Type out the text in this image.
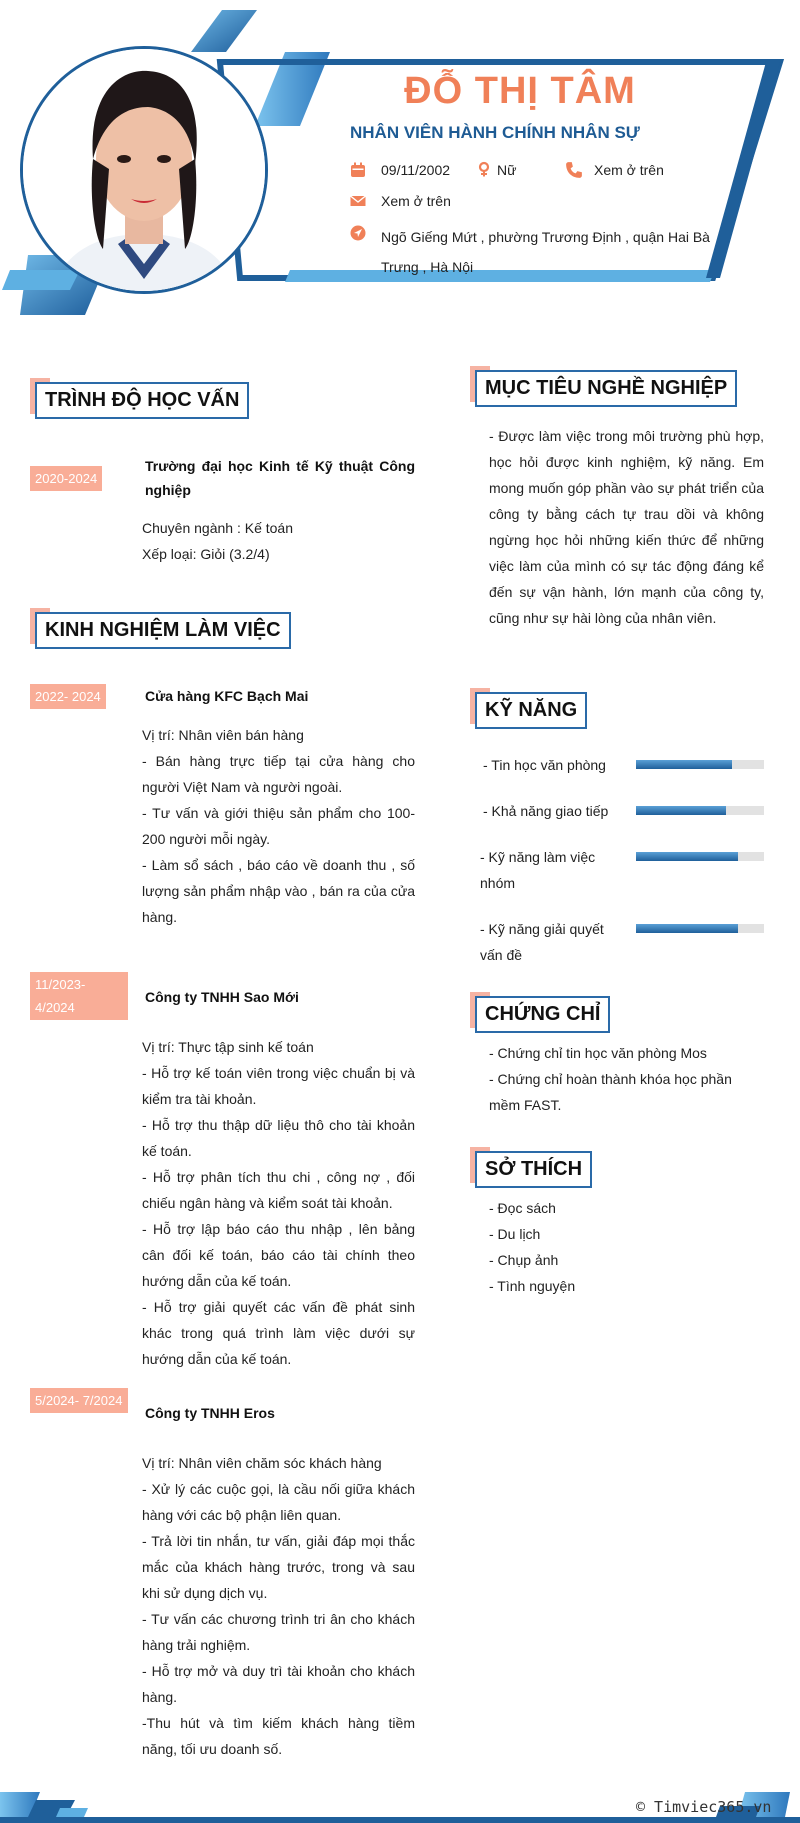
ĐỖ THỊ TÂM
NHÂN VIÊN HÀNH CHÍNH NHÂN SỰ
09/11/2002	Nữ	Xem ở trên
Xem ở trên
Ngõ Giếng Mứt , phường Trương Định , quận Hai Bà Trưng , Hà Nội
TRÌNH ĐỘ HỌC VẤN
2020-2024
Trường đại học Kinh tế Kỹ thuật Công nghiệp
Chuyên ngành : Kế toán
Xếp loại: Giỏi (3.2/4)
KINH NGHIỆM LÀM VIỆC
2022- 2024	Cửa hàng KFC Bạch Mai
Vị trí: Nhân viên bán hàng
- Bán hàng trực tiếp tại cửa hàng cho người Việt Nam và người ngoài.
- Tư vấn và giới thiệu sản phẩm cho 100-200 người mỗi ngày.
- Làm sổ sách , báo cáo về doanh thu , số lượng sản phẩm nhập vào , bán ra của cửa hàng.
11/2023- 4/2024
Công ty TNHH Sao Mới
Vị trí: Thực tập sinh kế toán
- Hỗ trợ kế toán viên trong việc chuẩn bị và kiểm tra tài khoản.
- Hỗ trợ thu thập dữ liệu thô cho tài khoản kế toán.
- Hỗ trợ phân tích thu chi , công nợ , đối chiếu ngân hàng và kiểm soát tài khoản.
- Hỗ trợ lập báo cáo thu nhập , lên bảng cân đối kế toán, báo cáo tài chính theo hướng dẫn của kế toán.
- Hỗ trợ giải quyết các vấn đề phát sinh khác trong quá trình làm việc dưới sự hướng dẫn của kế toán.
5/2024- 7/2024
Công ty TNHH Eros
Vị trí: Nhân viên chăm sóc khách hàng
- Xử lý các cuộc gọi, là cầu nối giữa khách hàng với các bộ phận liên quan.
- Trả lời tin nhắn, tư vấn, giải đáp mọi thắc mắc của khách hàng trước, trong và sau khi sử dụng dịch vụ.
- Tư vấn các chương trình tri ân cho khách hàng trải nghiệm.
- Hỗ trợ mở và duy trì tài khoản cho khách hàng.
-Thu hút và tìm kiếm khách hàng tiềm năng, tối ưu doanh số.
MỤC TIÊU NGHỀ NGHIỆP
- Được làm việc trong môi trường phù hợp, học hỏi được kinh nghiệm, kỹ năng. Em mong muốn góp phần vào sự phát triển của công ty bằng cách tự trau dồi và không ngừng học hỏi những kiến thức để những việc làm của mình có sự tác động đáng kể đến sự vận hành, lớn mạnh của công ty, cũng như sự hài lòng của nhân viên.
KỸ NĂNG
- Tin học văn phòng
- Khả năng giao tiếp
- Kỹ năng làm việc nhóm
- Kỹ năng giải quyết vấn đề
CHỨNG CHỈ
- Chứng chỉ tin học văn phòng Mos
- Chứng chỉ hoàn thành khóa học phần mềm FAST.
SỞ THÍCH
- Đọc sách
- Du lịch
- Chụp ảnh
- Tình nguyện
© Timviec365.vn
